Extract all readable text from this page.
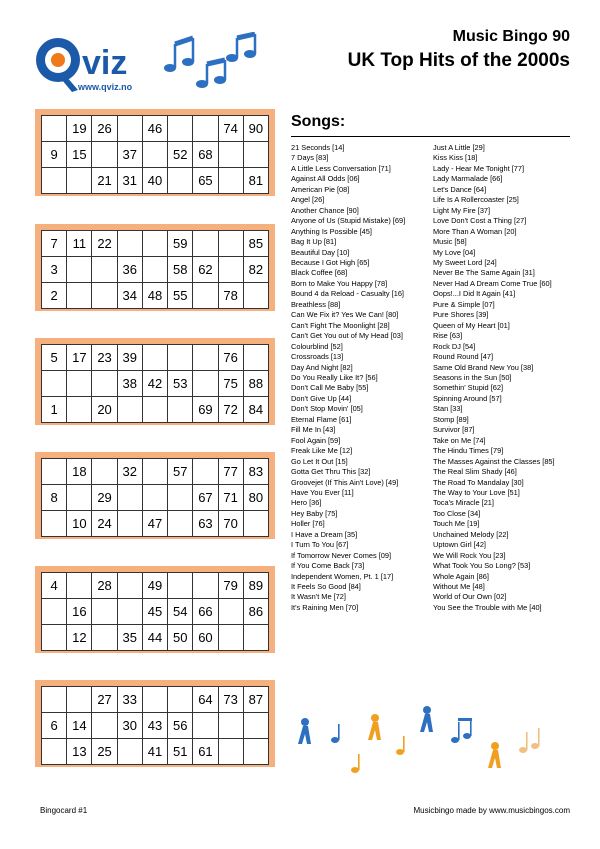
viz
www.qviz.no
Music Bingo 90
UK Top Hits of the 2000s
	19	26		46			74	90
9	15		37		52	68		
		21	31	40		65		81
7	11	22			59			85
3			36		58	62		82
2			34	48	55		78	
5	17	23	39				76	
			38	42	53		75	88
1		20				69	72	84
	18		32		57		77	83
8		29				67	71	80
	10	24		47		63	70	
4		28		49			79	89
	16			45	54	66		86
	12		35	44	50	60		
		27	33			64	73	87
6	14		30	43	56			
	13	25		41	51	61		
Songs:
21 Seconds [14]
7 Days [83]
A Little Less Conversation [71]
Against All Odds [06]
American Pie [08]
Angel [26]
Another Chance [90]
Anyone of Us (Stupid Mistake) [69]
Anything Is Possible [45]
Bag It Up [81]
Beautiful Day [10]
Because I Got High [65]
Black Coffee [68]
Born to Make You Happy [78]
Bound 4 da Reload - Casualty [16]
Breathless [88]
Can We Fix it? Yes We Can! [80]
Can't Fight The Moonlight [28]
Can't Get You out of My Head [03]
Colourblind [52]
Crossroads [13]
Day And Night [82]
Do You Really Like It? [56]
Don't Call Me Baby [55]
Don't Give Up [44]
Don't Stop Movin' [05]
Eternal Flame [61]
Fill Me In [43]
Fool Again [59]
Freak Like Me [12]
Go Let It Out [15]
Gotta Get Thru This [32]
Groovejet (If This Ain't Love) [49]
Have You Ever [11]
Hero [36]
Hey Baby [75]
Holler [76]
I Have a Dream [35]
I Turn To You [67]
If Tomorrow Never Comes [09]
If You Come Back [73]
Independent Women, Pt. 1 [17]
It Feels So Good [84]
It Wasn't Me [72]
It's Raining Men [70]
Just A Little [29]
Kiss Kiss [18]
Lady - Hear Me Tonight [77]
Lady Marmalade [66]
Let's Dance [64]
Life Is A Rollercoaster [25]
Light My Fire [37]
Love Don't Cost a Thing [27]
More Than A Woman [20]
Music [58]
My Love [04]
My Sweet Lord [24]
Never Be The Same Again [31]
Never Had A Dream Come True [60]
Oops!...I Did It Again [41]
Pure & Simple [07]
Pure Shores [39]
Queen of My Heart [01]
Rise [63]
Rock DJ [54]
Round Round [47]
Same Old Brand New You [38]
Seasons in the Sun [50]
Somethin' Stupid [62]
Spinning Around [57]
Stan [33]
Stomp [89]
Survivor [87]
Take on Me [74]
The Hindu Times [79]
The Masses Against the Classes [85]
The Real Slim Shady [46]
The Road To Mandalay [30]
The Way to Your Love [51]
Toca's Miracle [21]
Too Close [34]
Touch Me [19]
Unchained Melody [22]
Uptown Girl [42]
We Will Rock You [23]
What Took You So Long? [53]
Whole Again [86]
Without Me [48]
World of Our Own [02]
You See the Trouble with Me [40]
Bingocard #1	Musicbingo made by www.musicbingos.com
